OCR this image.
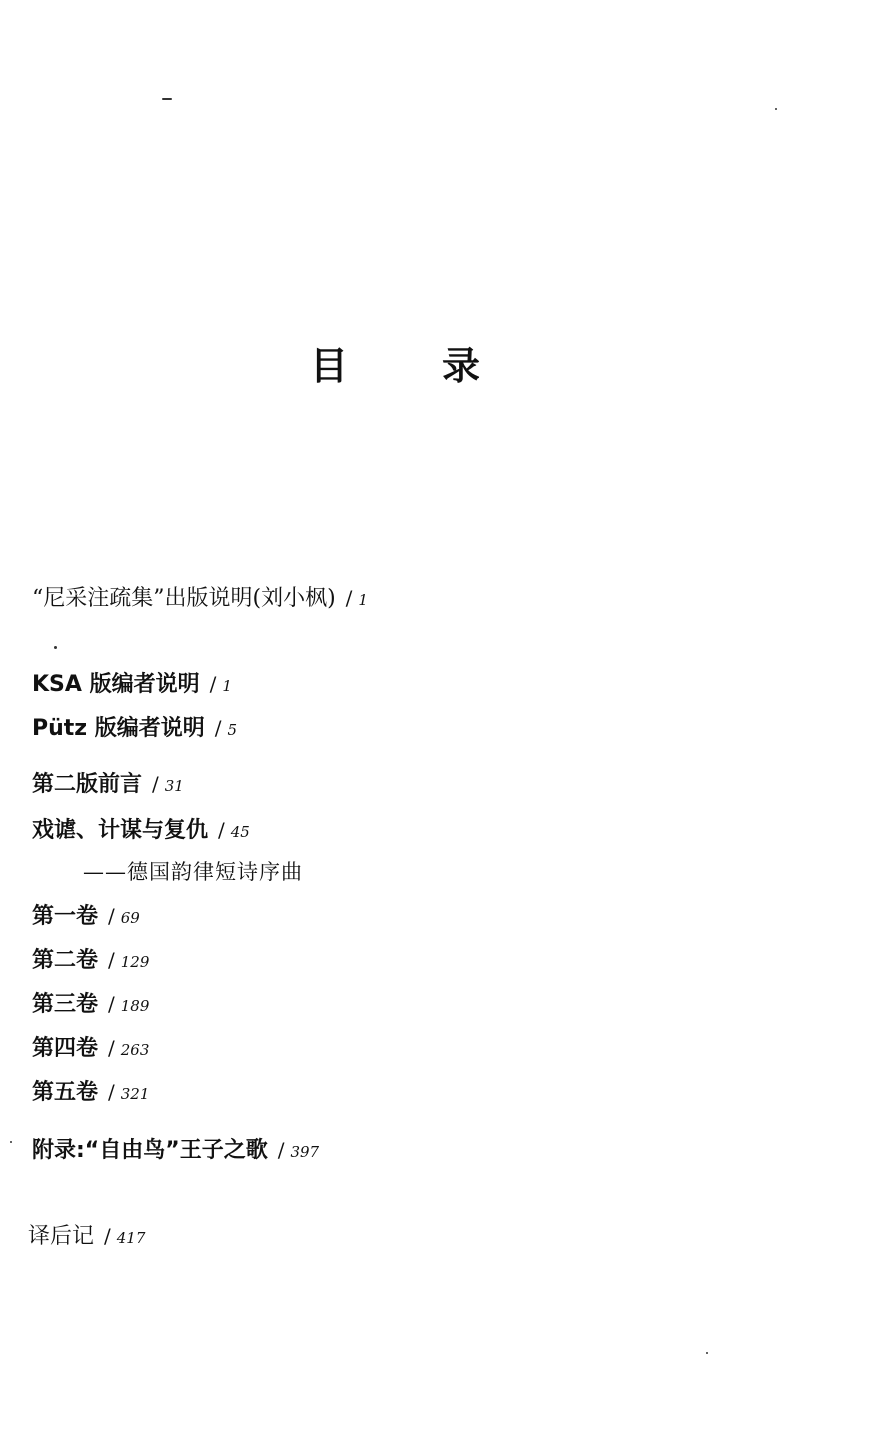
目 录
“尼采注疏集”出版说明(刘小枫) / 1
KSA 版编者说明 / 1
Pütz 版编者说明 / 5
第二版前言 / 31
戏谑、计谋与复仇 / 45
——德国韵律短诗序曲
第一卷 / 69
第二卷 / 129
第三卷 / 189
第四卷 / 263
第五卷 / 321
附录:“自由鸟”王子之歌 / 397
译后记 / 417
